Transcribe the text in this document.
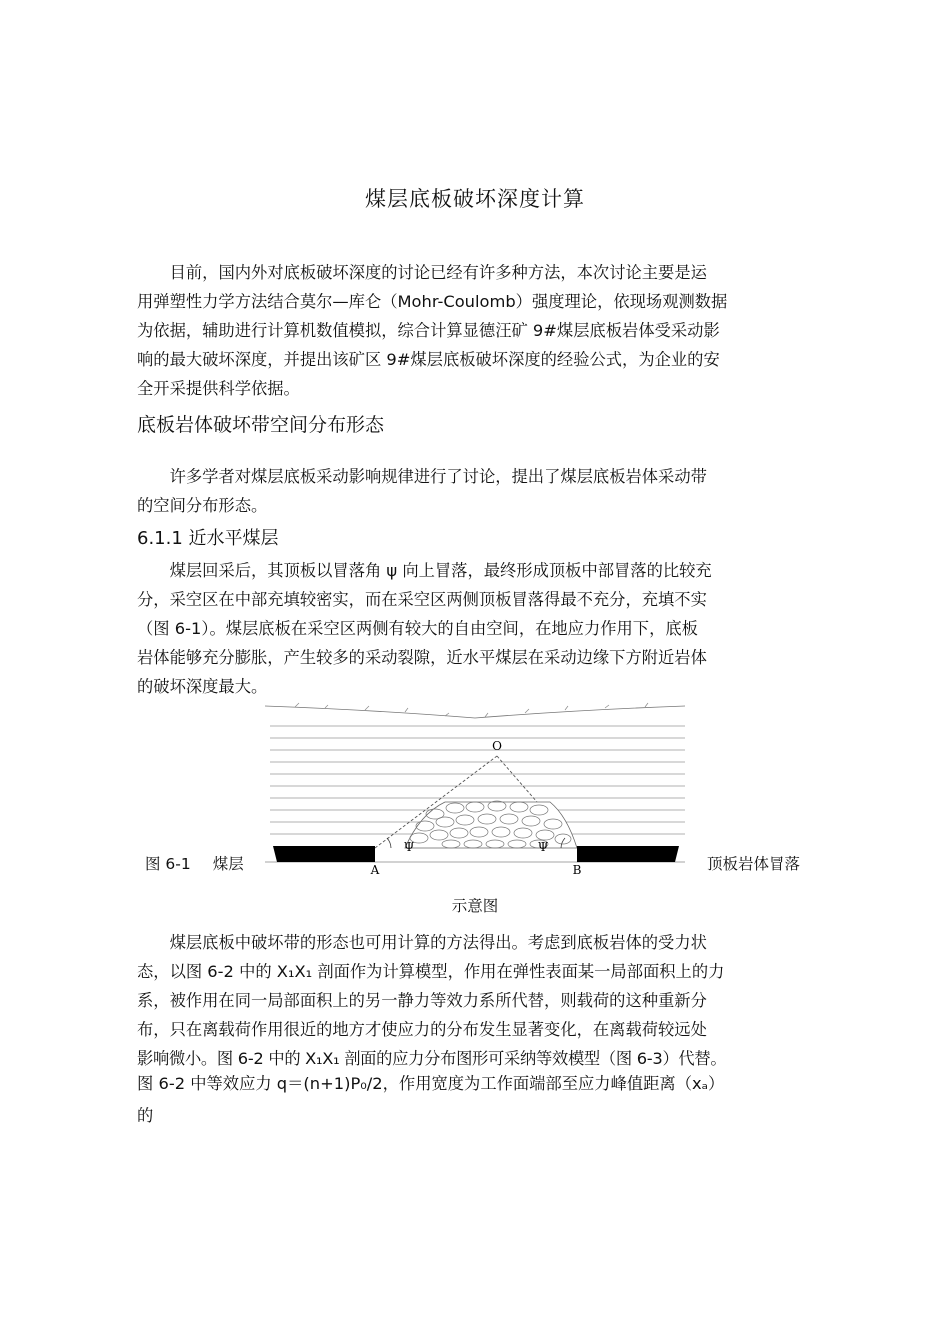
煤层底板破坏深度计算
目前，国内外对底板破坏深度的讨论已经有许多种方法，本次讨论主要是运
用弹塑性力学方法结合莫尔—库仑（Mohr-Coulomb）强度理论，依现场观测数据
为依据，辅助进行计算机数值模拟，综合计算显德汪矿 9#煤层底板岩体受采动影
响的最大破坏深度，并提出该矿区 9#煤层底板破坏深度的经验公式，为企业的安
全开采提供科学依据。
底板岩体破坏带空间分布形态
许多学者对煤层底板采动影响规律进行了讨论，提出了煤层底板岩体采动带
的空间分布形态。
6.1.1 近水平煤层
煤层回采后，其顶板以冒落角 ψ 向上冒落，最终形成顶板中部冒落的比较充
分，采空区在中部充填较密实，而在采空区两侧顶板冒落得最不充分，充填不实
（图 6-1）。煤层底板在采空区两侧有较大的自由空间，在地应力作用下，底板
岩体能够充分膨胀，产生较多的采动裂隙，近水平煤层在采动边缘下方附近岩体
的破坏深度最大。
O
A	B
Ψ	Ψ
图 6-1 煤层	顶板岩体冒落
示意图
煤层底板中破坏带的形态也可用计算的方法得出。考虑到底板岩体的受力状
态，以图 6-2 中的 X₁X₁ 剖面作为计算模型，作用在弹性表面某一局部面积上的力
系，被作用在同一局部面积上的另一静力等效力系所代替，则载荷的这种重新分
布，只在离载荷作用很近的地方才使应力的分布发生显著变化，在离载荷较远处
影响微小。图 6-2 中的 X₁X₁ 剖面的应力分布图形可采纳等效模型（图 6-3）代替。
图 6-2 中等效应力 q＝(n+1)P₀/2，作用宽度为工作面端部至应力峰值距离（xₐ）
的
